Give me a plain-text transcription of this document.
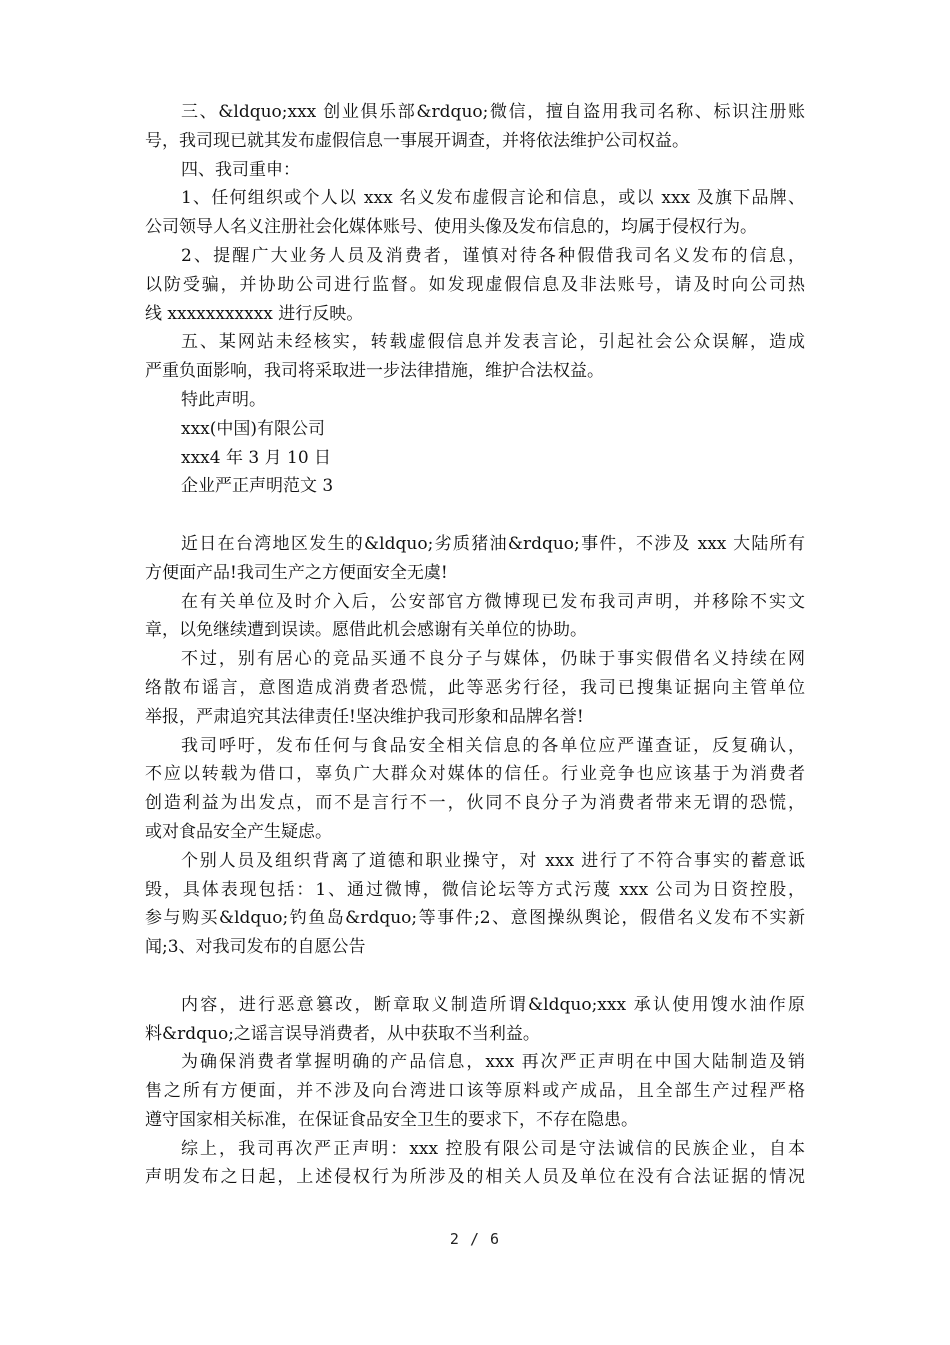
三、&ldquo;xxx 创业俱乐部&rdquo;微信，擅自盗用我司名称、标识注册账
号，我司现已就其发布虚假信息一事展开调查，并将依法维护公司权益。
四、我司重申：
1、任何组织或个人以 xxx 名义发布虚假言论和信息，或以 xxx 及旗下品牌、
公司领导人名义注册社会化媒体账号、使用头像及发布信息的，均属于侵权行为。
2、提醒广大业务人员及消费者，谨慎对待各种假借我司名义发布的信息，
以防受骗，并协助公司进行监督。如发现虚假信息及非法账号，请及时向公司热
线 xxxxxxxxxxx 进行反映。
五、某网站未经核实，转载虚假信息并发表言论，引起社会公众误解，造成
严重负面影响，我司将采取进一步法律措施，维护合法权益。
特此声明。
xxx(中国)有限公司
xxx4 年 3 月 10 日
企业严正声明范文 3
近日在台湾地区发生的&ldquo;劣质猪油&rdquo;事件，不涉及 xxx 大陆所有
方便面产品!我司生产之方便面安全无虞!
在有关单位及时介入后，公安部官方微博现已发布我司声明，并移除不实文
章，以免继续遭到误读。愿借此机会感谢有关单位的协助。
不过，别有居心的竞品买通不良分子与媒体，仍昧于事实假借名义持续在网
络散布谣言，意图造成消费者恐慌，此等恶劣行径，我司已搜集证据向主管单位
举报，严肃追究其法律责任!坚决维护我司形象和品牌名誉!
我司呼吁，发布任何与食品安全相关信息的各单位应严谨查证，反复确认，
不应以转载为借口，辜负广大群众对媒体的信任。行业竞争也应该基于为消费者
创造利益为出发点，而不是言行不一，伙同不良分子为消费者带来无谓的恐慌，
或对食品安全产生疑虑。
个别人员及组织背离了道德和职业操守，对 xxx 进行了不符合事实的蓄意诋
毁，具体表现包括：1、通过微博，微信论坛等方式污蔑 xxx 公司为日资控股，
参与购买&ldquo;钓鱼岛&rdquo;等事件;2、意图操纵舆论，假借名义发布不实新
闻;3、对我司发布的自愿公告
内容，进行恶意篡改，断章取义制造所谓&ldquo;xxx 承认使用馊水油作原
料&rdquo;之谣言误导消费者，从中获取不当利益。
为确保消费者掌握明确的产品信息，xxx 再次严正声明在中国大陆制造及销
售之所有方便面，并不涉及向台湾进口该等原料或产成品，且全部生产过程严格
遵守国家相关标准，在保证食品安全卫生的要求下，不存在隐患。
综上，我司再次严正声明：xxx 控股有限公司是守法诚信的民族企业，自本
声明发布之日起，上述侵权行为所涉及的相关人员及单位在没有合法证据的情况
2 / 6
